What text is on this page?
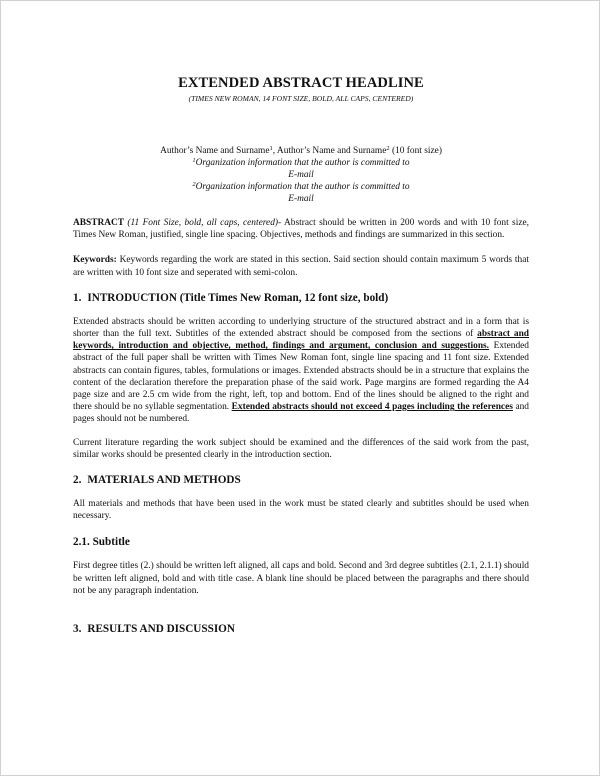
EXTENDED ABSTRACT HEADLINE
(TIMES NEW ROMAN, 14 FONT SIZE, BOLD, ALL CAPS, CENTERED)
Author’s Name and Surname$^1$, Author’s Name and Surname$^2$ (10 font size)
$^1$Organization information that the author is committed to
E-mail
$^2$Organization information that the author is committed to
E-mail

ABSTRACT (11 Font Size, bold, all caps, centered)- Abstract should be written in 200 words and with 10 font size, Times New Roman, justified, single line spacing. Objectives, methods and findings are summarized in this section.

Keywords: Keywords regarding the work are stated in this section. Said section should contain maximum 5 words that are written with 10 font size and seperated with semi-colon.

1. INTRODUCTION (Title Times New Roman, 12 font size, bold)

Extended abstracts should be written according to underlying structure of the structured abstract and in a form that is shorter than the full text. Subtitles of the extended abstract should be composed from the sections of abstract and keywords, introduction and objective, method, findings and argument, conclusion and suggestions. Extended abstract of the full paper shall be written with Times New Roman font, single line spacing and 11 font size. Extended abstracts can contain figures, tables, formulations or images. Extended abstracts should be in a structure that explains the content of the declaration therefore the preparation phase of the said work. Page margins are formed regarding the A4 page size and are 2.5 cm wide from the right, left, top and bottom. End of the lines should be aligned to the right and there should be no syllable segmentation. Extended abstracts should not exceed 4 pages including the references and pages should not be numbered.

Current literature regarding the work subject should be examined and the differences of the said work from the past, similar works should be presented clearly in the introduction section.

2. MATERIALS AND METHODS

All materials and methods that have been used in the work must be stated clearly and subtitles should be used when necessary.

2.1. Subtitle

First degree titles (2.) should be written left aligned, all caps and bold. Second and 3rd degree subtitles (2.1, 2.1.1) should be written left aligned, bold and with title case. A blank line should be placed between the paragraphs and there should not be any paragraph indentation.

3. RESULTS AND DISCUSSION
